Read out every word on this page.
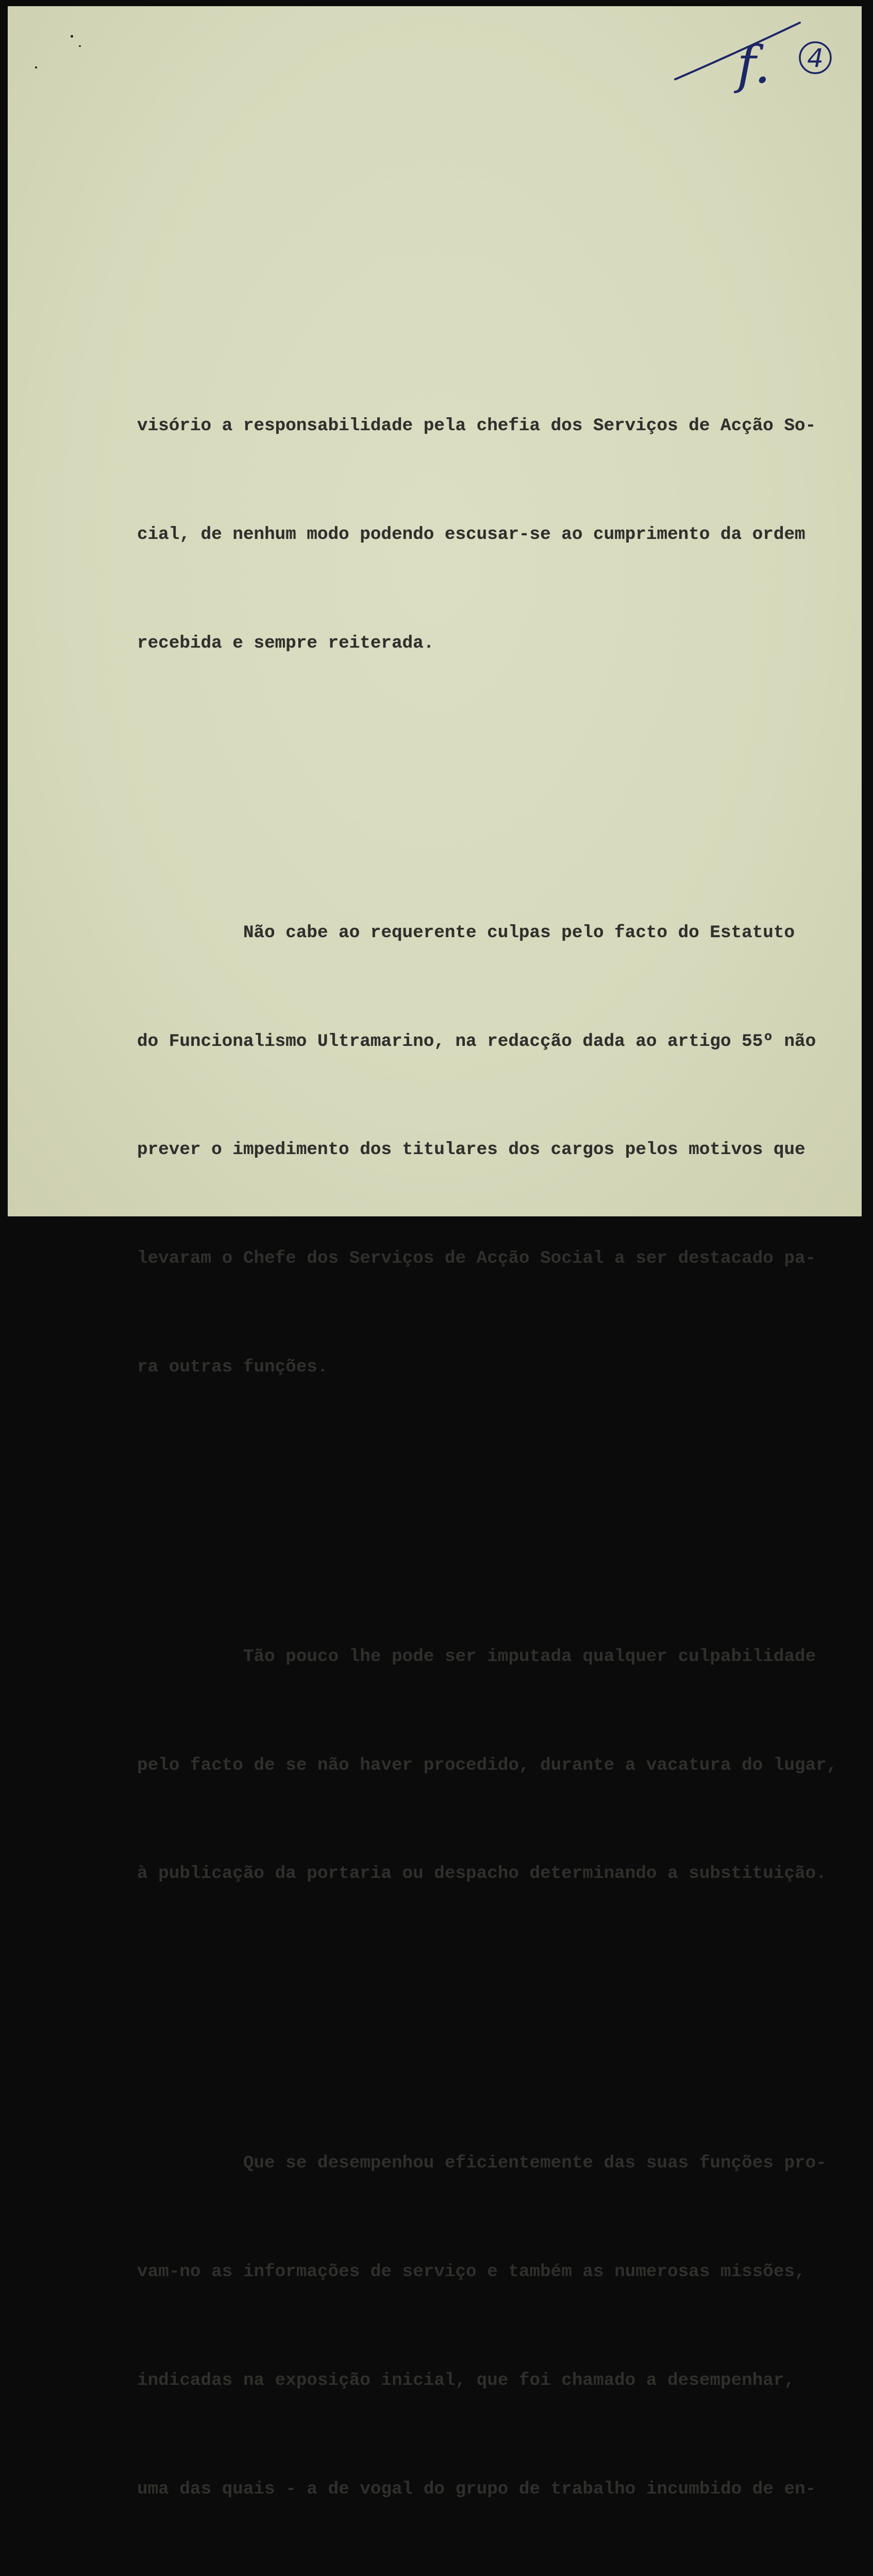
f. 4

visório a responsabilidade pela chefia dos Serviços de Acção So-

cial, de nenhum modo podendo escusar-se ao cumprimento da ordem

recebida e sempre reiterada.

Não cabe ao requerente culpas pelo facto do Estatuto

do Funcionalismo Ultramarino, na redacção dada ao artigo 55º não

prever o impedimento dos titulares dos cargos pelos motivos que

levaram o Chefe dos Serviços de Acção Social a ser destacado pa-

ra outras funções.

Tão pouco lhe pode ser imputada qualquer culpabilidade

pelo facto de se não haver procedido, durante a vacatura do lugar,

à publicação da portaria ou despacho determinando a substituição.

Que se desempenhou eficientemente das suas funções pro-

vam-no as informações de serviço e também as numerosas missões,

indicadas na exposição inicial, que foi chamado a desempenhar,

uma das quais - a de vogal do grupo de trabalho incumbido de en-
